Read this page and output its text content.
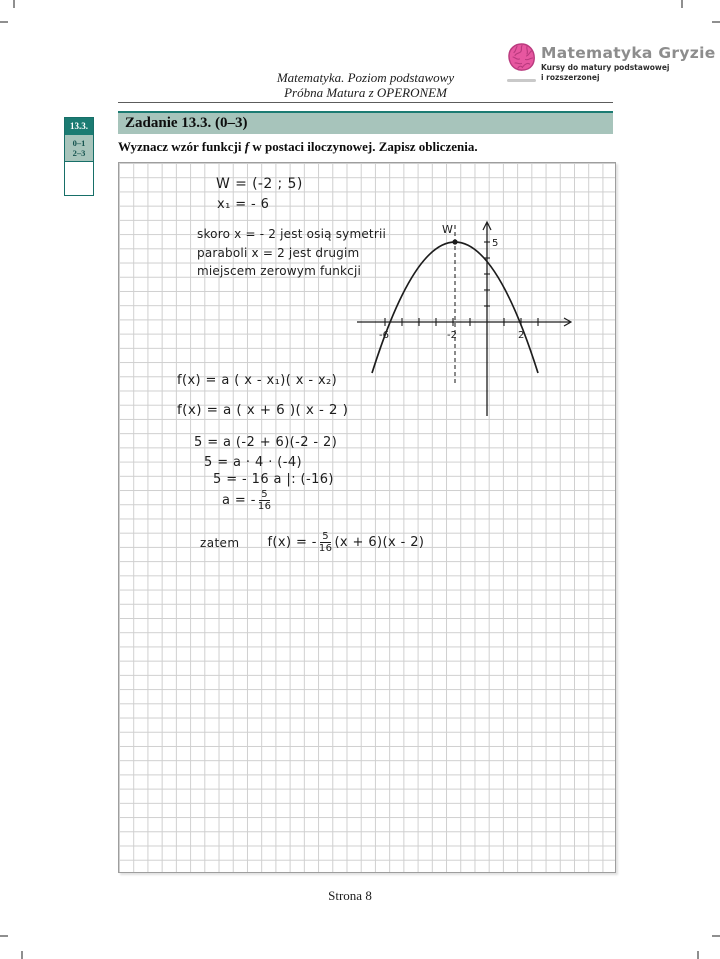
Matematyka. Poziom podstawowy
Próbna Matura z OPERONEM
Matematyka Gryzie
Kursy do matury podstawowej
i rozszerzonej
13.3.
0–1
2–3
Zadanie 13.3. (0–3)
Wyznacz wzór funkcji f w postaci iloczynowej. Zapisz obliczenia.
W = (-2 ; 5)
x₁ = - 6
skoro x = - 2 jest osią symetrii
paraboli x = 2 jest drugim
miejscem zerowym funkcji
f(x) = a ( x - x₁)( x - x₂)
f(x) = a ( x + 6 )( x - 2 )
5 = a (-2 + 6)(-2 - 2)
5 = a · 4 · (-4)
5 = - 16 a |: (-16)
a = - $\frac{5}{16}$
zatem f(x) = - $\frac{5}{16} (x + 6)(x - 2)$
W
-6	-2	2
5
Strona 8
